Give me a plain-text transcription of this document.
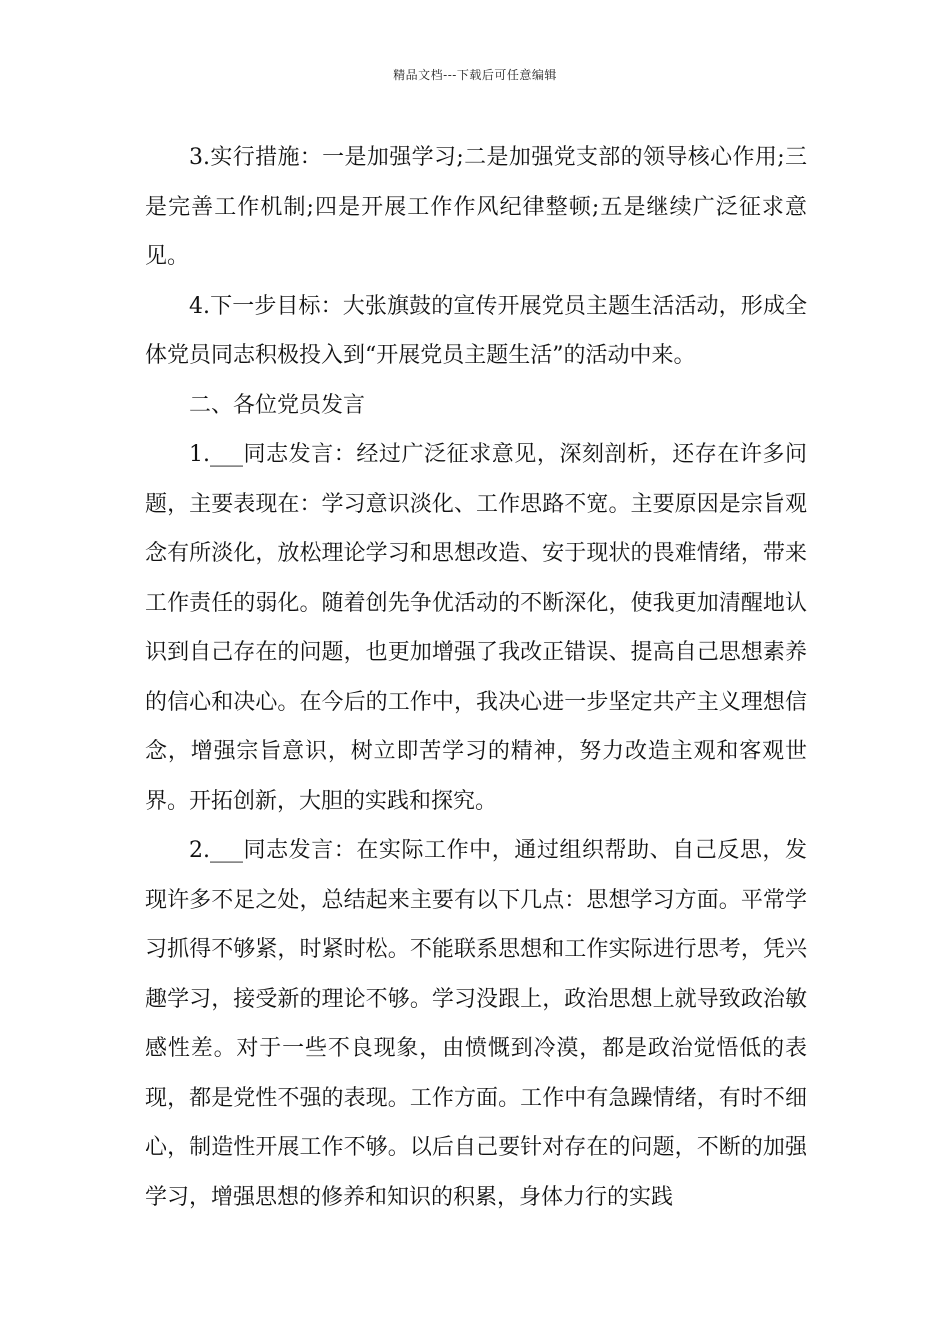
精品文档---下载后可任意编辑

3.实行措施：一是加强学习;二是加强党支部的领导核心作用;三是完善工作机制;四是开展工作作风纪律整顿;五是继续广泛征求意见。

4.下一步目标：大张旗鼓的宣传开展党员主题生活活动，形成全体党员同志积极投入到“开展党员主题生活”的活动中来。

二、各位党员发言

1.___同志发言：经过广泛征求意见，深刻剖析，还存在许多问题，主要表现在：学习意识淡化、工作思路不宽。主要原因是宗旨观念有所淡化，放松理论学习和思想改造、安于现状的畏难情绪，带来工作责任的弱化。随着创先争优活动的不断深化，使我更加清醒地认识到自己存在的问题，也更加增强了我改正错误、提高自己思想素养的信心和决心。在今后的工作中，我决心进一步坚定共产主义理想信念，增强宗旨意识，树立即苦学习的精神，努力改造主观和客观世界。开拓创新，大胆的实践和探究。

2.___同志发言：在实际工作中，通过组织帮助、自己反思，发现许多不足之处，总结起来主要有以下几点：思想学习方面。平常学习抓得不够紧，时紧时松。不能联系思想和工作实际进行思考，凭兴趣学习，接受新的理论不够。学习没跟上，政治思想上就导致政治敏感性差。对于一些不良现象，由愤慨到冷漠，都是政治觉悟低的表现，都是党性不强的表现。工作方面。工作中有急躁情绪，有时不细心，制造性开展工作不够。以后自己要针对存在的问题，不断的加强学习，增强思想的修养和知识的积累，身体力行的实践
